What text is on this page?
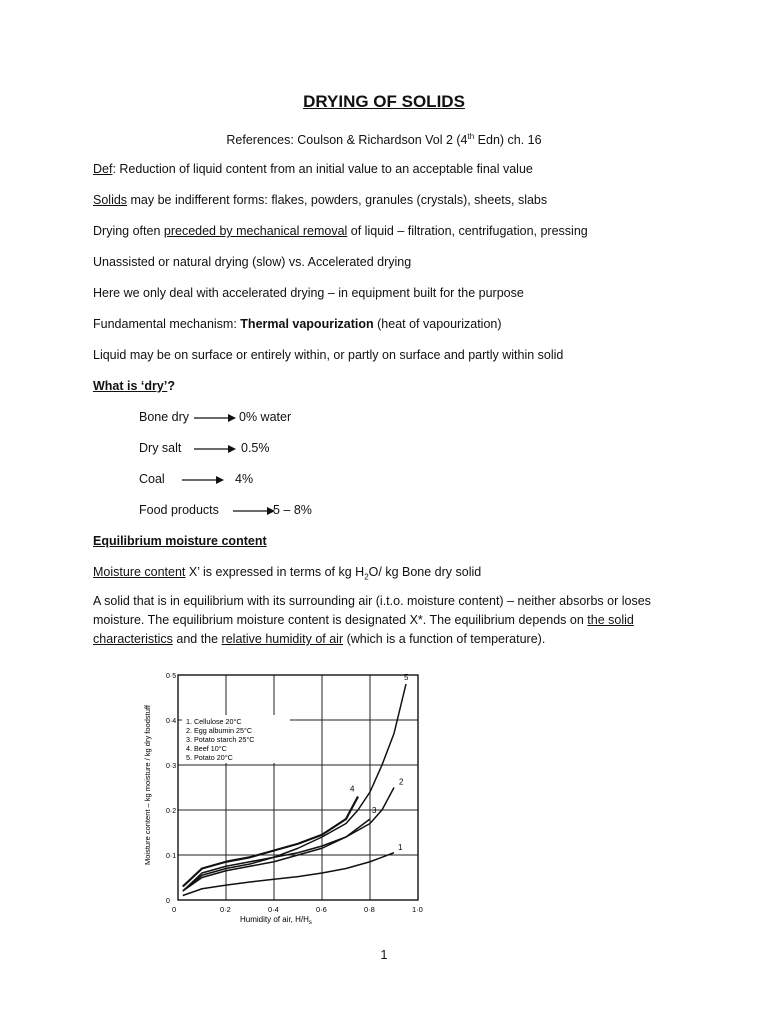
DRYING OF SOLIDS
References: Coulson & Richardson Vol 2 (4th Edn) ch. 16
Def: Reduction of liquid content from an initial value to an acceptable final value
Solids may be indifferent forms: flakes, powders, granules (crystals), sheets, slabs
Drying often preceded by mechanical removal of liquid – filtration, centrifugation, pressing
Unassisted or natural drying (slow) vs. Accelerated drying
Here we only deal with accelerated drying – in equipment built for the purpose
Fundamental mechanism: Thermal vapourization (heat of vapourization)
Liquid may be on surface or entirely within, or partly on surface and partly within solid
What is ‘dry’?
Bone dry	0% water
Dry salt	0.5%
Coal	4%
Food products	5 – 8%
Equilibrium moisture content
Moisture content X’ is expressed in terms of kg $H_2O/$ kg Bone dry solid
A solid that is in equilibrium with its surrounding air (i.t.o. moisture content) – neither absorbs or loses moisture. The equilibrium moisture content is designated X*. The equilibrium depends on the solid characteristics and the relative humidity of air (which is a function of temperature).
0	0·2	0·4	0·6	0·8	1·0
0
0·1
0·2
0·3
0·4
0·5
1
2
3
4
5
1. Cellulose 20°C
2. Egg albumin 25°C
3. Potato starch 25°C
4. Beef 10°C
5. Potato 20°C
Moisture content – kg moisture / kg dry foodstuff
Humidity of air, $H/H_s$
1
